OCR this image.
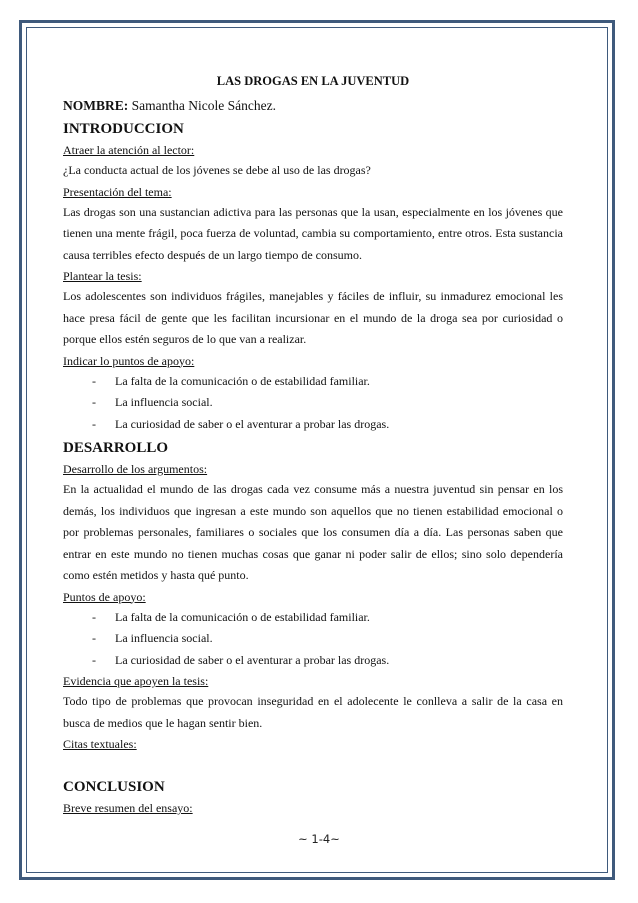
LAS DROGAS EN LA JUVENTUD
NOMBRE: Samantha Nicole Sánchez.
INTRODUCCION
Atraer la atención al lector:
¿La conducta actual de los jóvenes se debe al uso de las drogas?
Presentación del tema:
Las drogas son una sustancian adictiva para las personas que la usan, especialmente en los jóvenes que tienen una mente frágil, poca fuerza de voluntad, cambia su comportamiento, entre otros. Esta sustancia causa terribles efecto después de un largo tiempo de consumo.
Plantear la tesis:
Los adolescentes son individuos frágiles, manejables y fáciles de influir, su inmadurez emocional les hace presa fácil de gente que les facilitan incursionar en el mundo de la droga sea por curiosidad o porque ellos estén seguros de lo que van a realizar.
Indicar lo puntos de apoyo:
- La falta de la comunicación o de estabilidad familiar.
- La influencia social.
- La curiosidad de saber o el aventurar a probar las drogas.
DESARROLLO
Desarrollo de los argumentos:
En la actualidad el mundo de las drogas cada vez consume más a nuestra juventud sin pensar en los demás, los individuos que ingresan a este mundo son aquellos que no tienen estabilidad emocional o por problemas personales, familiares o sociales que los consumen día a día. Las personas saben que entrar en este mundo no tienen muchas cosas que ganar ni poder salir de ellos; sino solo dependería como estén metidos y hasta qué punto.
Puntos de apoyo:
- La falta de la comunicación o de estabilidad familiar.
- La influencia social.
- La curiosidad de saber o el aventurar a probar las drogas.
Evidencia que apoyen la tesis:
Todo tipo de problemas que provocan inseguridad en el adolecente le conlleva a salir de la casa en busca de medios que le hagan sentir bien.
Citas textuales:
CONCLUSION
Breve resumen del ensayo:
~ 1-4~
